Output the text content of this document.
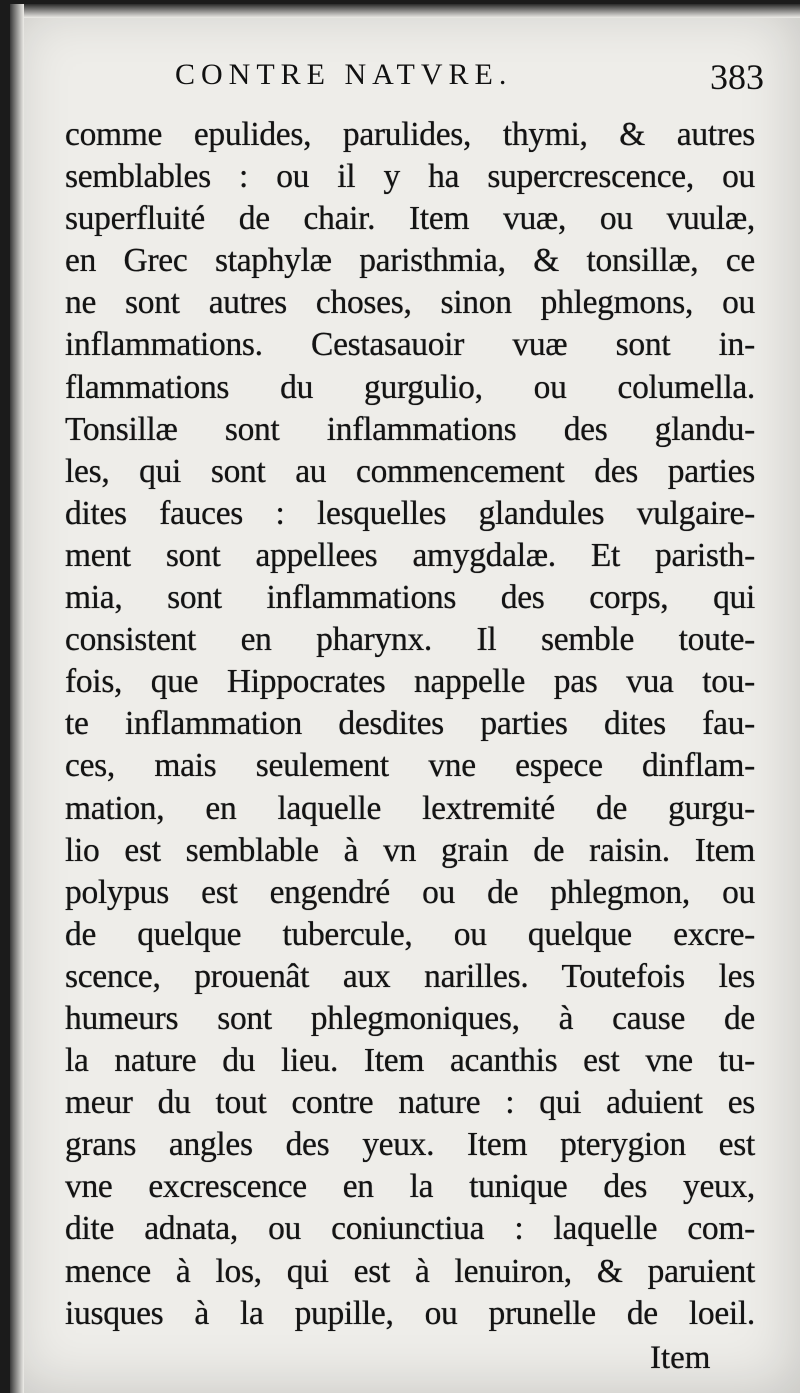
CONTRE NATVRE.	383
comme epulides, parulides, thymi, & autres
semblables : ou il y ha supercrescence, ou
superfluité de chair. Item vuæ, ou vuulæ,
en Grec staphylæ paristhmia, & tonsillæ, ce
ne sont autres choses, sinon phlegmons, ou
inflammations. Cestasauoir vuæ sont in-
flammations du gurgulio, ou columella.
Tonsillæ sont inflammations des glandu-
les, qui sont au commencement des parties
dites fauces : lesquelles glandules vulgaire-
ment sont appellees amygdalæ. Et paristh-
mia, sont inflammations des corps, qui
consistent en pharynx. Il semble toute-
fois, que Hippocrates nappelle pas vua tou-
te inflammation desdites parties dites fau-
ces, mais seulement vne espece dinflam-
mation, en laquelle lextremité de gurgu-
lio est semblable à vn grain de raisin. Item
polypus est engendré ou de phlegmon, ou
de quelque tubercule, ou quelque excre-
scence, prouenât aux narilles. Toutefois les
humeurs sont phlegmoniques, à cause de
la nature du lieu. Item acanthis est vne tu-
meur du tout contre nature : qui aduient es
grans angles des yeux. Item pterygion est
vne excrescence en la tunique des yeux,
dite adnata, ou coniunctiua : laquelle com-
mence à los, qui est à lenuiron, & paruient
iusques à la pupille, ou prunelle de loeil.
Item
